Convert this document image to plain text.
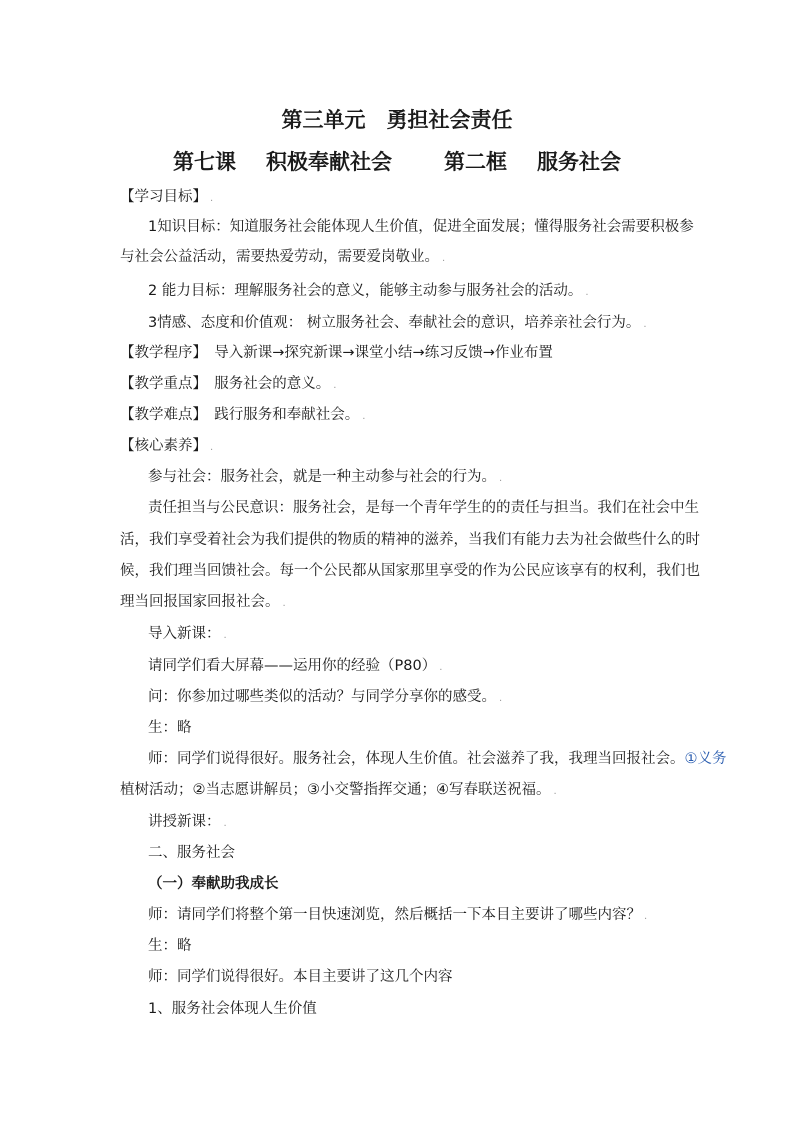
第三单元　勇担社会责任
第七课 积极奉献社会 第二框 服务社会
【学习目标】 .
1知识目标：知道服务社会能体现人生价值，促进全面发展；懂得服务社会需要积极参
与社会公益活动，需要热爱劳动，需要爱岗敬业。 .
2 能力目标：理解服务社会的意义，能够主动参与服务社会的活动。 .
3情感、态度和价值观： 树立服务社会、奉献社会的意识，培养亲社会行为。 .
【教学程序】　导入新课→探究新课→课堂小结→练习反馈→作业布置
【教学重点】　服务社会的意义。 .
【教学难点】　践行服务和奉献社会。 .
【核心素养】 .
参与社会：服务社会，就是一种主动参与社会的行为。 .
责任担当与公民意识：服务社会，是每一个青年学生的的责任与担当。我们在社会中生
活，我们享受着社会为我们提供的物质的精神的滋养，当我们有能力去为社会做些什么的时
候，我们理当回馈社会。每一个公民都从国家那里享受的作为公民应该享有的权利，我们也
理当回报国家回报社会。 .
导入新课： .
请同学们看大屏幕——运用你的经验（P80） .
问：你参加过哪些类似的活动？与同学分享你的感受。 .
生：略
师：同学们说得很好。服务社会，体现人生价值。社会滋养了我，我理当回报社会。①义务
植树活动；②当志愿讲解员；③小交警指挥交通；④写春联送祝福。 .
讲授新课： .
二、服务社会
（一）奉献助我成长
师：请同学们将整个第一目快速浏览，然后概括一下本目主要讲了哪些内容？ .
生：略
师：同学们说得很好。本目主要讲了这几个内容
1、服务社会体现人生价值
